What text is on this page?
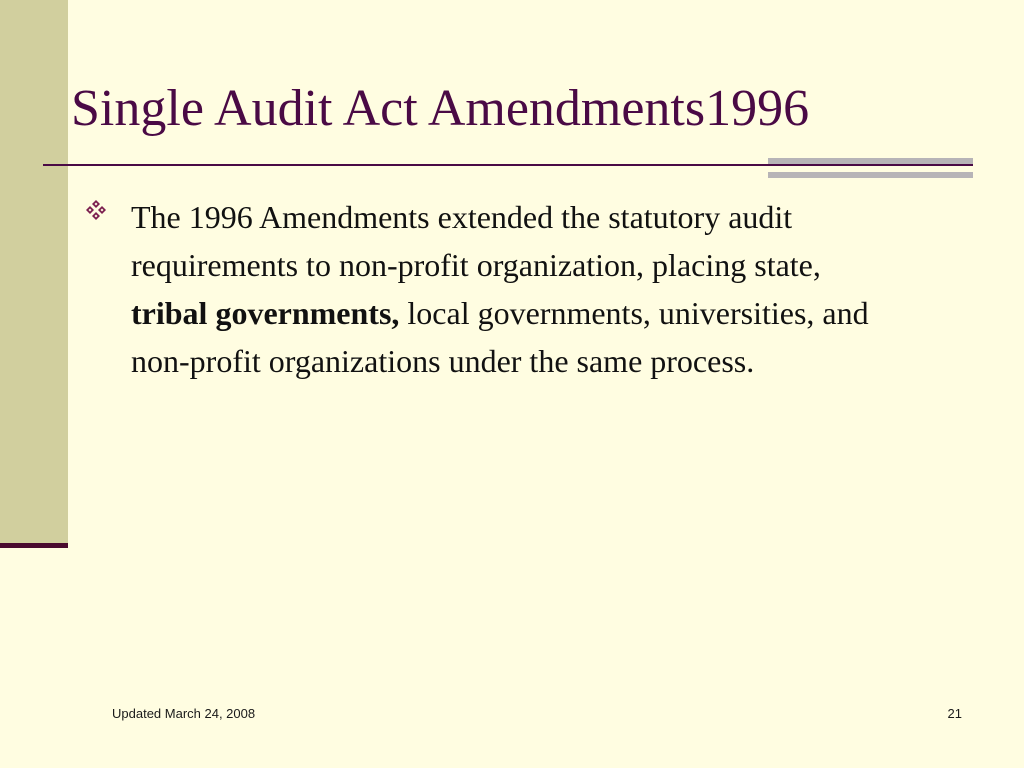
Single Audit Act Amendments1996

The 1996 Amendments extended the statutory audit requirements to non-profit organization, placing state, tribal governments, local governments, universities, and non-profit organizations under the same process.

Updated March 24, 2008	21
